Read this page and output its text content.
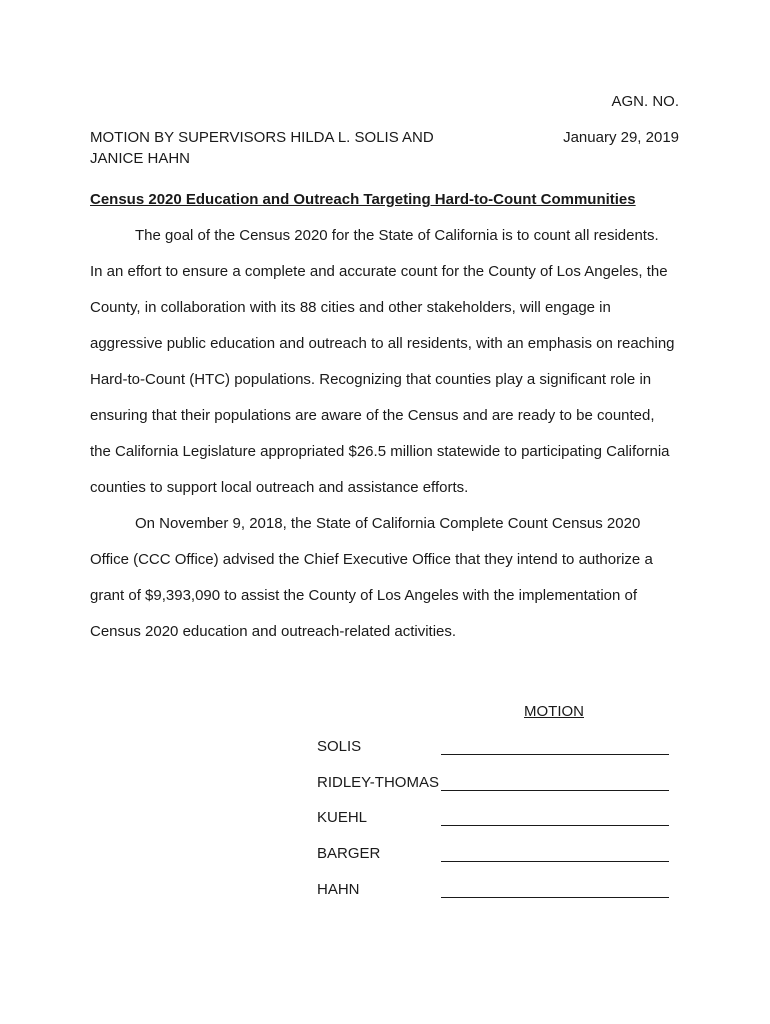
AGN. NO.
MOTION BY SUPERVISORS HILDA L. SOLIS AND
JANICE HAHN
January 29, 2019
Census 2020 Education and Outreach Targeting Hard-to-Count Communities
The goal of the Census 2020 for the State of California is to count all residents.
In an effort to ensure a complete and accurate count for the County of Los Angeles, the
County, in collaboration with its 88 cities and other stakeholders, will engage in
aggressive public education and outreach to all residents, with an emphasis on reaching
Hard-to-Count (HTC) populations. Recognizing that counties play a significant role in
ensuring that their populations are aware of the Census and are ready to be counted,
the California Legislature appropriated $26.5 million statewide to participating California
counties to support local outreach and assistance efforts.
On November 9, 2018, the State of California Complete Count Census 2020
Office (CCC Office) advised the Chief Executive Office that they intend to authorize a
grant of $9,393,090 to assist the County of Los Angeles with the implementation of
Census 2020 education and outreach-related activities.
MOTION
SOLIS
RIDLEY-THOMAS
KUEHL
BARGER
HAHN
